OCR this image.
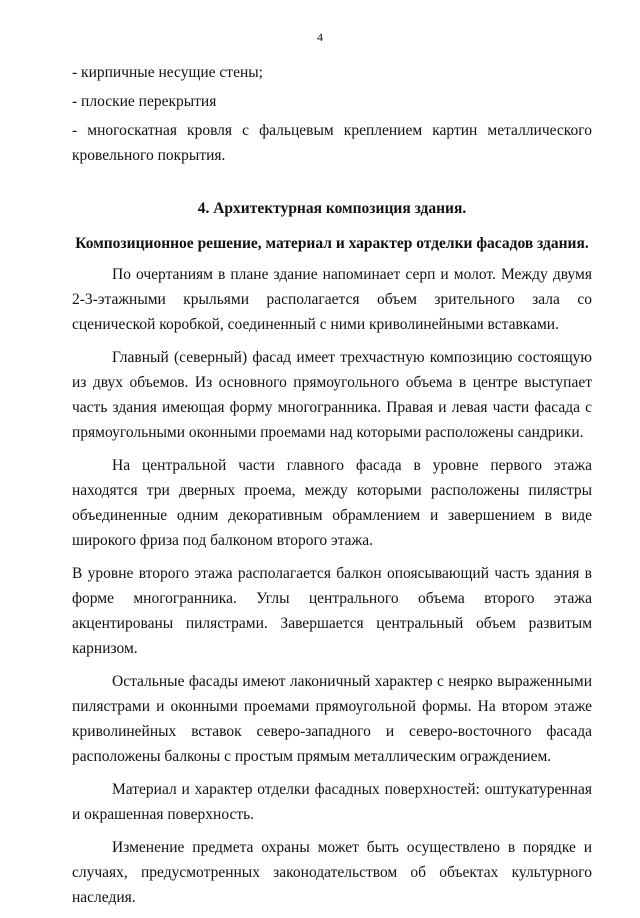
4
- кирпичные несущие стены;
- плоские перекрытия
- многоскатная кровля с фальцевым креплением картин металлического кровельного покрытия.
4. Архитектурная композиция здания.
Композиционное решение, материал и характер отделки фасадов здания.

По очертаниям в плане здание напоминает серп и молот. Между двумя 2-3-этажными крыльями располагается объем зрительного зала со сценической коробкой, соединенный с ними криволинейными вставками.

Главный (северный) фасад имеет трехчастную композицию состоящую из двух объемов. Из основного прямоугольного объема в центре выступает часть здания имеющая форму многогранника. Правая и левая части фасада с прямоугольными оконными проемами над которыми расположены сандрики.

На центральной части главного фасада в уровне первого этажа находятся три дверных проема, между которыми расположены пилястры объединенные одним декоративным обрамлением и завершением в виде широкого фриза под балконом второго этажа.

В уровне второго этажа располагается балкон опоясывающий часть здания в форме многогранника. Углы центрального объема второго этажа акцентированы пилястрами. Завершается центральный объем развитым карнизом.

Остальные фасады имеют лаконичный характер с неярко выраженными пилястрами и оконными проемами прямоугольной формы. На втором этаже криволинейных вставок северо-западного и северо-восточного фасада расположены балконы с простым прямым металлическим ограждением.

Материал и характер отделки фасадных поверхностей: оштукатуренная и окрашенная поверхность.

Изменение предмета охраны может быть осуществлено в порядке и случаях, предусмотренных законодательством об объектах культурного наследия.
